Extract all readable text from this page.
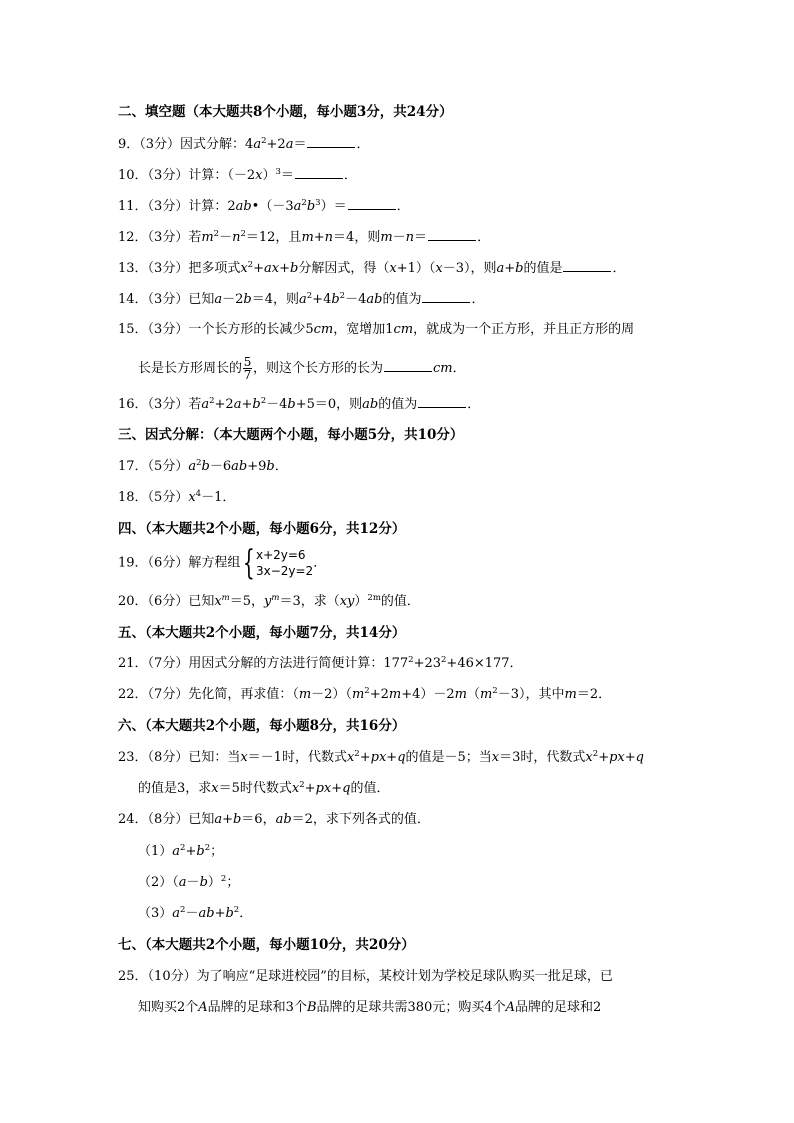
二、填空题（本大题共8个小题，每小题3分，共24分）
9．（3分）因式分解：$4a^2+2a=$	．
10．（3分）计算：$(-2x)^3=$	．
11．（3分）计算：$2ab•(-3a^2b^3)=$	．
12．（3分）若$m^2-n^2=12$，且m+n＝4，则m－n＝	．
13．（3分）把多项式$x^2+ax+b$分解因式，得（x+1）（x－3），则a+b的值是	．
14．（3分）已知a－2b＝4，则$a^2+4b^2-4ab$的值为	．
15．（3分）一个长方形的长减少5cm，宽增加1cm，就成为一个正方形，并且正方形的周
长是长方形周长的 $\frac{5}{7}$ ，则这个长方形的长为	cm．
16．（3分）若$a^2+2a+b^2-4b+5=0$，则ab的值为	．
三、因式分解：（本大题两个小题，每小题5分，共10分）
17．（5分）$a^2b-6ab+9b$．
18．（5分）$x^4-1$．
四、（本大题共2个小题，每小题6分，共12分）
19．（6分）解方程组 { x+2y=6
3x−2y=2
．
20．（6分）已知$x^m=5$，$y^m=3$，求（xy）$^{2m}$的值．
五、（本大题共2个小题，每小题7分，共14分）
21．（7分）用因式分解的方法进行简便计算：$177^2+23^2+46\times 177$．
22．（7分）先化简，再求值：$(m-2)(m^2+2m+4)-2m(m^2-3)$，其中m＝2．
六、（本大题共2个小题，每小题8分，共16分）
23．（8分）已知：当x＝－1时，代数式$x^2+px+q$的值是－5；当x＝3时，代数式$x^2+px+q$
的值是3，求x＝5时代数式$x^2+px+q$的值．
24．（8分）已知a+b＝6，ab＝2，求下列各式的值．
$(1)a^2+b^2$；
$(2)(a-b)^2$；
$(3)a^2-ab+b^2$．
七、（本大题共2个小题，每小题10分，共20分）
25．（10分）为了响应“足球进校园”的目标，某校计划为学校足球队购买一批足球，已
知购买2个A品牌的足球和3个B品牌的足球共需380元；购买4个A品牌的足球和2
